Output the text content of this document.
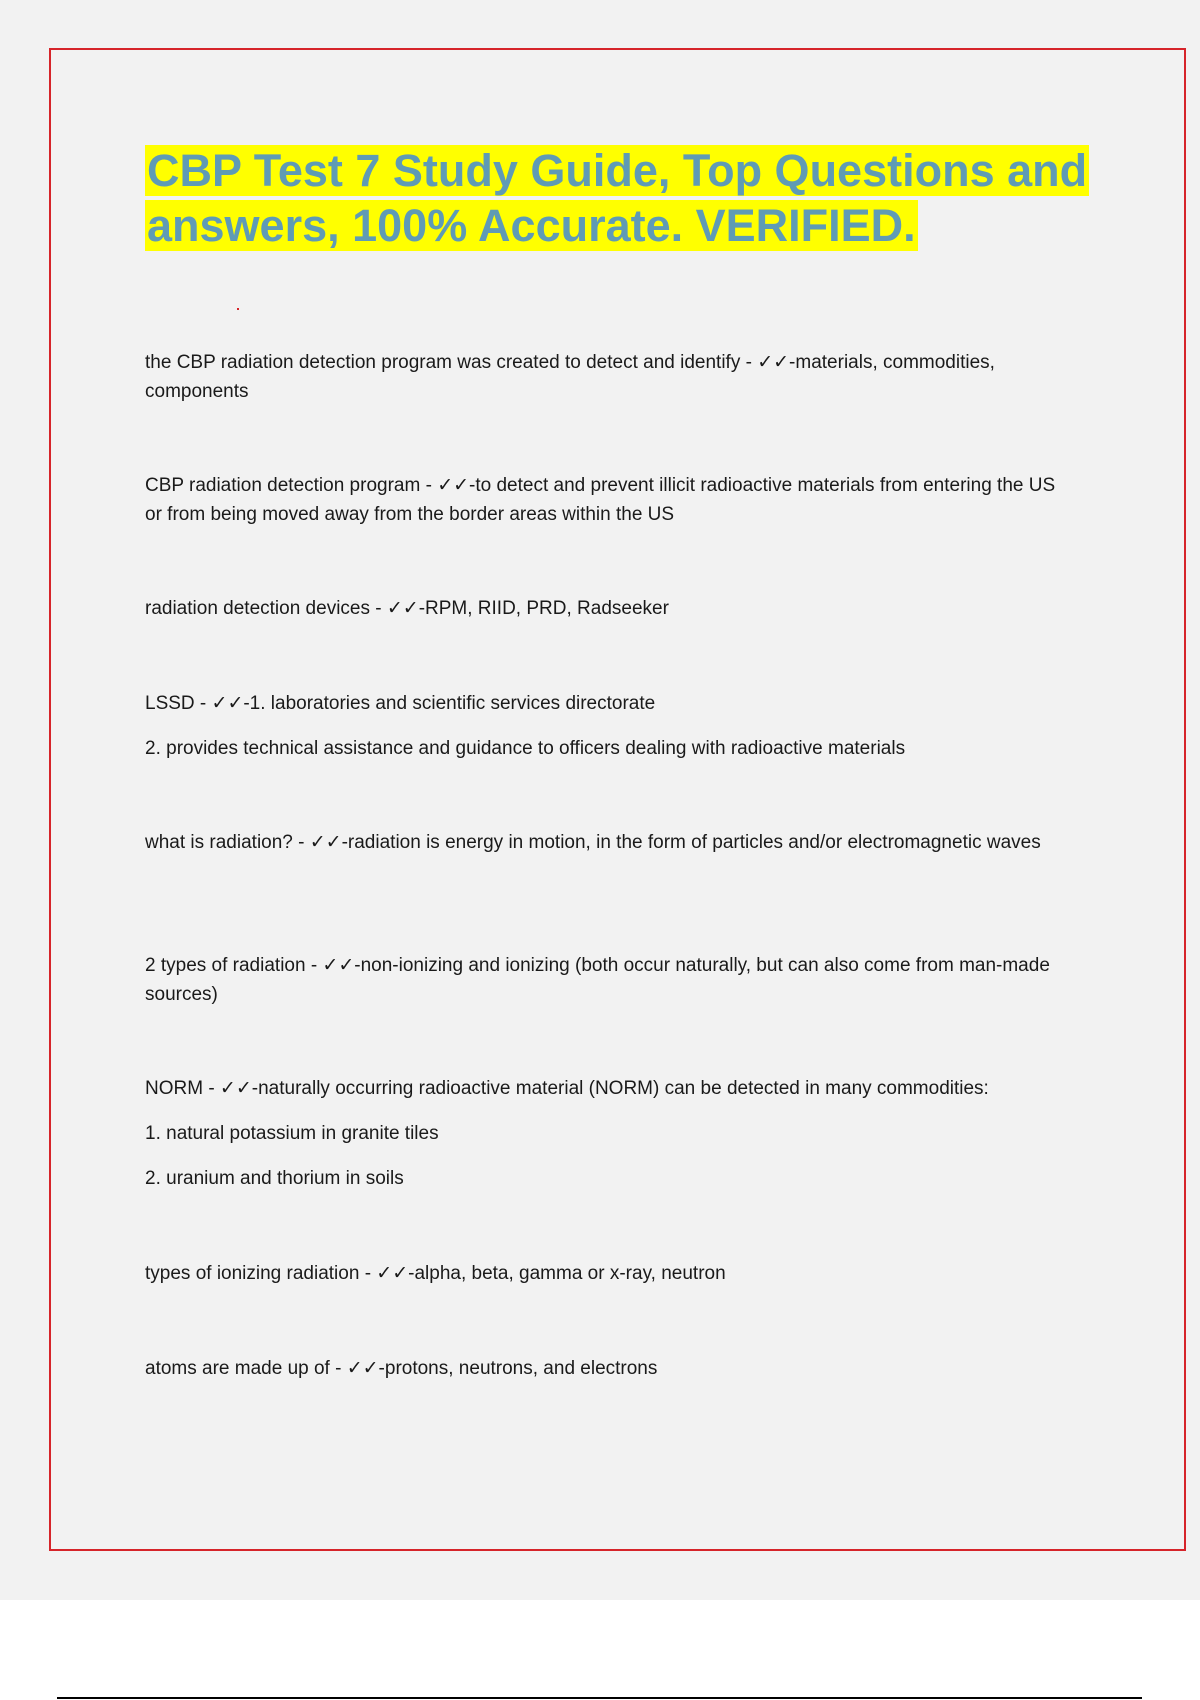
CBP Test 7 Study Guide, Top Questions and answers, 100% Accurate. VERIFIED.
the CBP radiation detection program was created to detect and identify - ✓✓-materials, commodities, components
CBP radiation detection program - ✓✓-to detect and prevent illicit radioactive materials from entering the US or from being moved away from the border areas within the US
radiation detection devices - ✓✓-RPM, RIID, PRD, Radseeker
LSSD - ✓✓-1. laboratories and scientific services directorate
2. provides technical assistance and guidance to officers dealing with radioactive materials
what is radiation? - ✓✓-radiation is energy in motion, in the form of particles and/or electromagnetic waves
2 types of radiation - ✓✓-non-ionizing and ionizing (both occur naturally, but can also come from man-made sources)
NORM - ✓✓-naturally occurring radioactive material (NORM) can be detected in many commodities:
1. natural potassium in granite tiles
2. uranium and thorium in soils
types of ionizing radiation - ✓✓-alpha, beta, gamma or x-ray, neutron
atoms are made up of - ✓✓-protons, neutrons, and electrons
